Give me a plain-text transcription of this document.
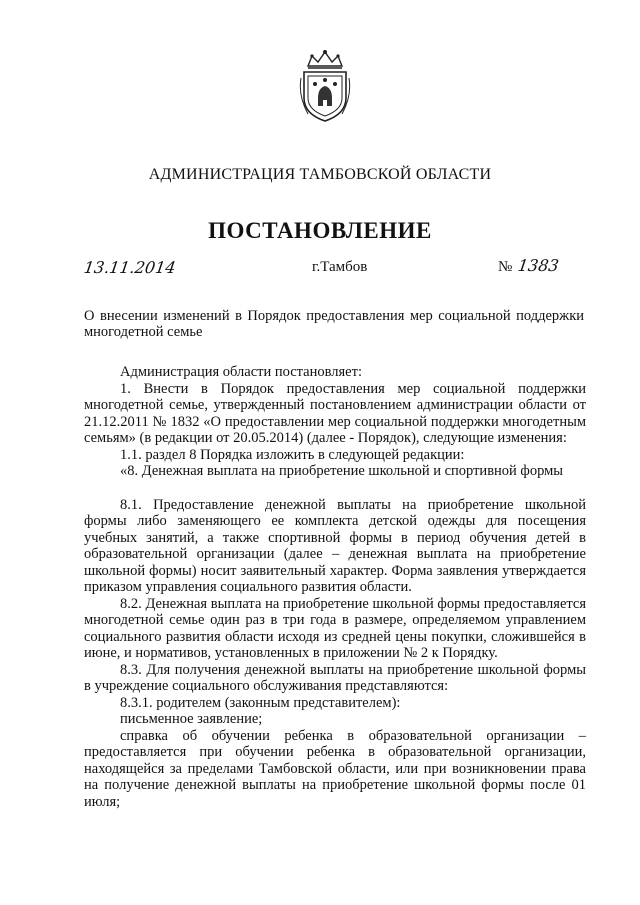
АДМИНИСТРАЦИЯ ТАМБОВСКОЙ ОБЛАСТИ
ПОСТАНОВЛЕНИЕ
13.11.2014	г.Тамбов	№ 1383
О внесении изменений в Порядок предоставления мер социальной поддержки многодетной семье

Администрация области постановляет:

1. Внести в Порядок предоставления мер социальной поддержки многодетной семье, утвержденный постановлением администрации области от 21.12.2011 № 1832 «О предоставлении мер социальной поддержки многодетным семьям» (в редакции от 20.05.2014) (далее - Порядок), следующие изменения:

1.1. раздел 8 Порядка изложить в следующей редакции:

«8. Денежная выплата на приобретение школьной и спортивной формы

8.1. Предоставление денежной выплаты на приобретение школьной формы либо заменяющего ее комплекта детской одежды для посещения учебных занятий, а также спортивной формы в период обучения детей в образовательной организации (далее – денежная выплата на приобретение школьной формы) носит заявительный характер. Форма заявления утверждается приказом управления социального развития области.

8.2. Денежная выплата на приобретение школьной формы предоставляется многодетной семье один раз в три года в размере, определяемом управлением социального развития области исходя из средней цены покупки, сложившейся в июне, и нормативов, установленных в приложении № 2 к Порядку.

8.3. Для получения денежной выплаты на приобретение школьной формы в учреждение социального обслуживания представляются:

8.3.1. родителем (законным представителем):

письменное заявление;

справка об обучении ребенка в образовательной организации – предоставляется при обучении ребенка в образовательной организации, находящейся за пределами Тамбовской области, или при возникновении права на получение денежной выплаты на приобретение школьной формы после 01 июля;
